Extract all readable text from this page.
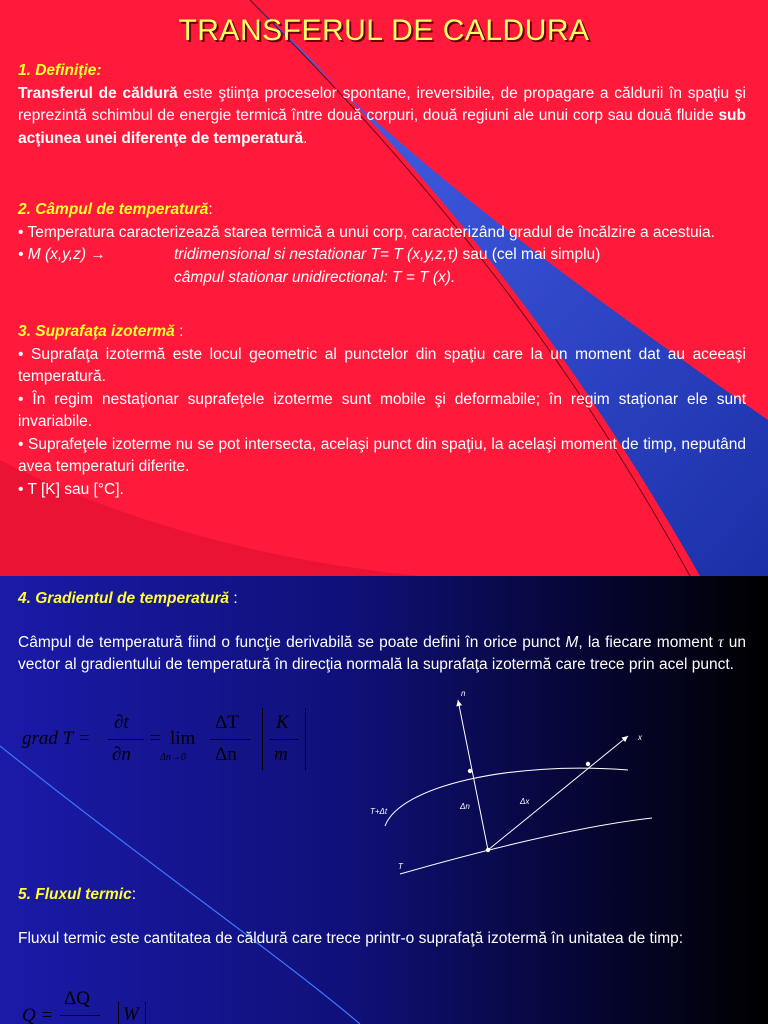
TRANSFERUL DE CALDURA
1. Definiţie:

Transferul de căldură este ştiinţa proceselor spontane, ireversibile, de propagare a căldurii în spaţiu şi reprezintă schimbul de energie termică între două corpuri, două regiuni ale unui corp sau două fluide sub acţiunea unei diferenţe de temperatură.

2. Câmpul de temperatură:

• Temperatura caracterizează starea termică a unui corp, caracterizând gradul de încălzire a acestuia.

• M (x,y,z) →	tridimensional si nestationar T= T (x,y,z,τ) sau (cel mai simplu)
câmpul stationar unidirectional: T = T (x).
3. Suprafaţa izotermă :

• Suprafaţa izotermă este locul geometric al punctelor din spaţiu care la un moment dat au aceeaşi temperatură.

• În regim nestaţionar suprafeţele izoterme sunt mobile şi deformabile; în regim staţionar ele sunt invariabile.

• Suprafeţele izoterme nu se pot intersecta, acelaşi punct din spaţiu, la acelaşi moment de timp, neputând avea temperaturi diferite.

• T [K] sau [°C].

4. Gradientul de temperatură :

Câmpul de temperatură fiind o funcţie derivabilă se poate defini în orice punct M, la fiecare moment τ un vector al gradientului de temperatură în direcţia normală la suprafaţa izotermă care trece prin acel punct.

grad T =
∂t
∂n
= lim
Δn→0
ΔT
Δn
K
m
n
x
T+Δt
T
Δn
Δx
5. Fluxul termic:

Fluxul termic este cantitatea de căldură care trece printr-o suprafaţă izotermă în unitatea de timp:

Q =
ΔQ
W
